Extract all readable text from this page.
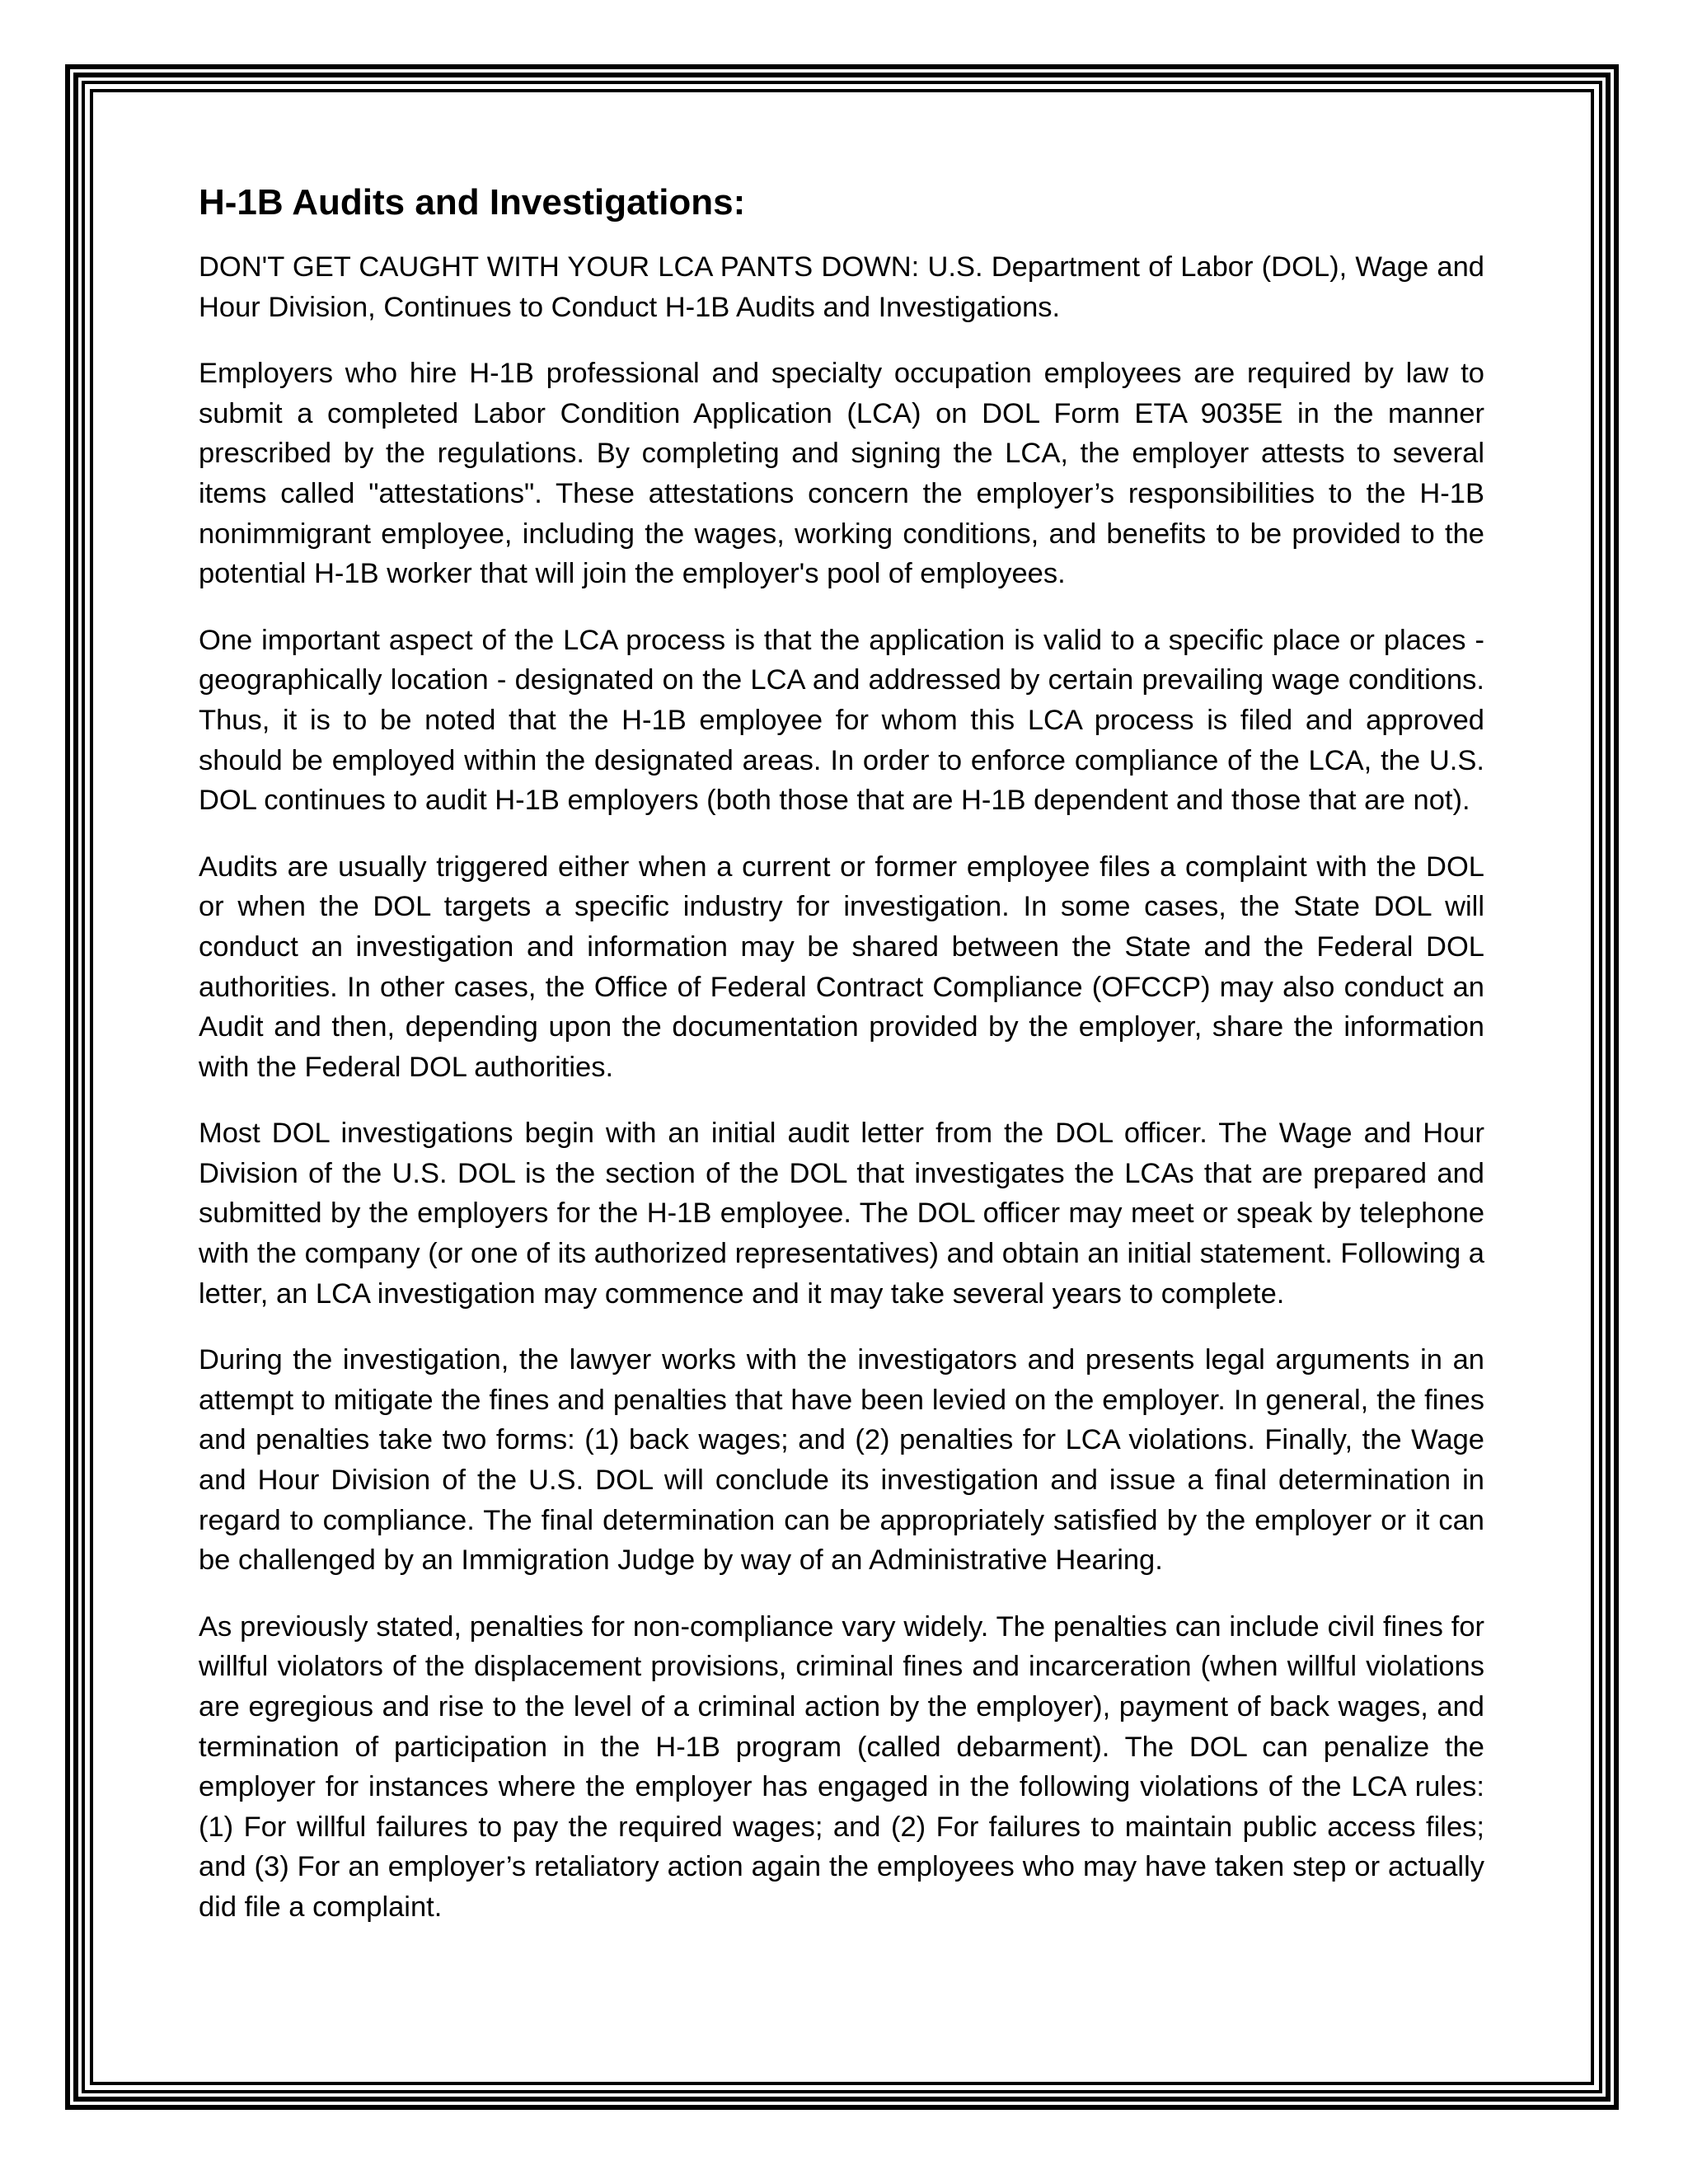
H-1B Audits and Investigations:

DON'T GET CAUGHT WITH YOUR LCA PANTS DOWN: U.S. Department of Labor (DOL), Wage and Hour Division, Continues to Conduct H-1B Audits and Investigations.

Employers who hire H-1B professional and specialty occupation employees are required by law to submit a completed Labor Condition Application (LCA) on DOL Form ETA 9035E in the manner prescribed by the regulations. By completing and signing the LCA, the employer attests to several items called "attestations". These attestations concern the employer’s responsibilities to the H-1B nonimmigrant employee, including the wages, working conditions, and benefits to be provided to the potential H-1B worker that will join the employer's pool of employees.

One important aspect of the LCA process is that the application is valid to a specific place or places - geographically location - designated on the LCA and addressed by certain prevailing wage conditions. Thus, it is to be noted that the H-1B employee for whom this LCA process is filed and approved should be employed within the designated areas. In order to enforce compliance of the LCA, the U.S. DOL continues to audit H-1B employers (both those that are H-1B dependent and those that are not).

Audits are usually triggered either when a current or former employee files a complaint with the DOL or when the DOL targets a specific industry for investigation. In some cases, the State DOL will conduct an investigation and information may be shared between the State and the Federal DOL authorities. In other cases, the Office of Federal Contract Compliance (OFCCP) may also conduct an Audit and then, depending upon the documentation provided by the employer, share the information with the Federal DOL authorities.

Most DOL investigations begin with an initial audit letter from the DOL officer. The Wage and Hour Division of the U.S. DOL is the section of the DOL that investigates the LCAs that are prepared and submitted by the employers for the H-1B employee. The DOL officer may meet or speak by telephone with the company (or one of its authorized representatives) and obtain an initial statement. Following a letter, an LCA investigation may commence and it may take several years to complete.

During the investigation, the lawyer works with the investigators and presents legal arguments in an attempt to mitigate the fines and penalties that have been levied on the employer. In general, the fines and penalties take two forms: (1) back wages; and (2) penalties for LCA violations. Finally, the Wage and Hour Division of the U.S. DOL will conclude its investigation and issue a final determination in regard to compliance. The final determination can be appropriately satisfied by the employer or it can be challenged by an Immigration Judge by way of an Administrative Hearing.

As previously stated, penalties for non-compliance vary widely. The penalties can include civil fines for willful violators of the displacement provisions, criminal fines and incarceration (when willful violations are egregious and rise to the level of a criminal action by the employer), payment of back wages, and termination of participation in the H-1B program (called debarment). The DOL can penalize the employer for instances where the employer has engaged in the following violations of the LCA rules: (1) For willful failures to pay the required wages; and (2) For failures to maintain public access files; and (3) For an employer’s retaliatory action again the employees who may have taken step or actually did file a complaint.
